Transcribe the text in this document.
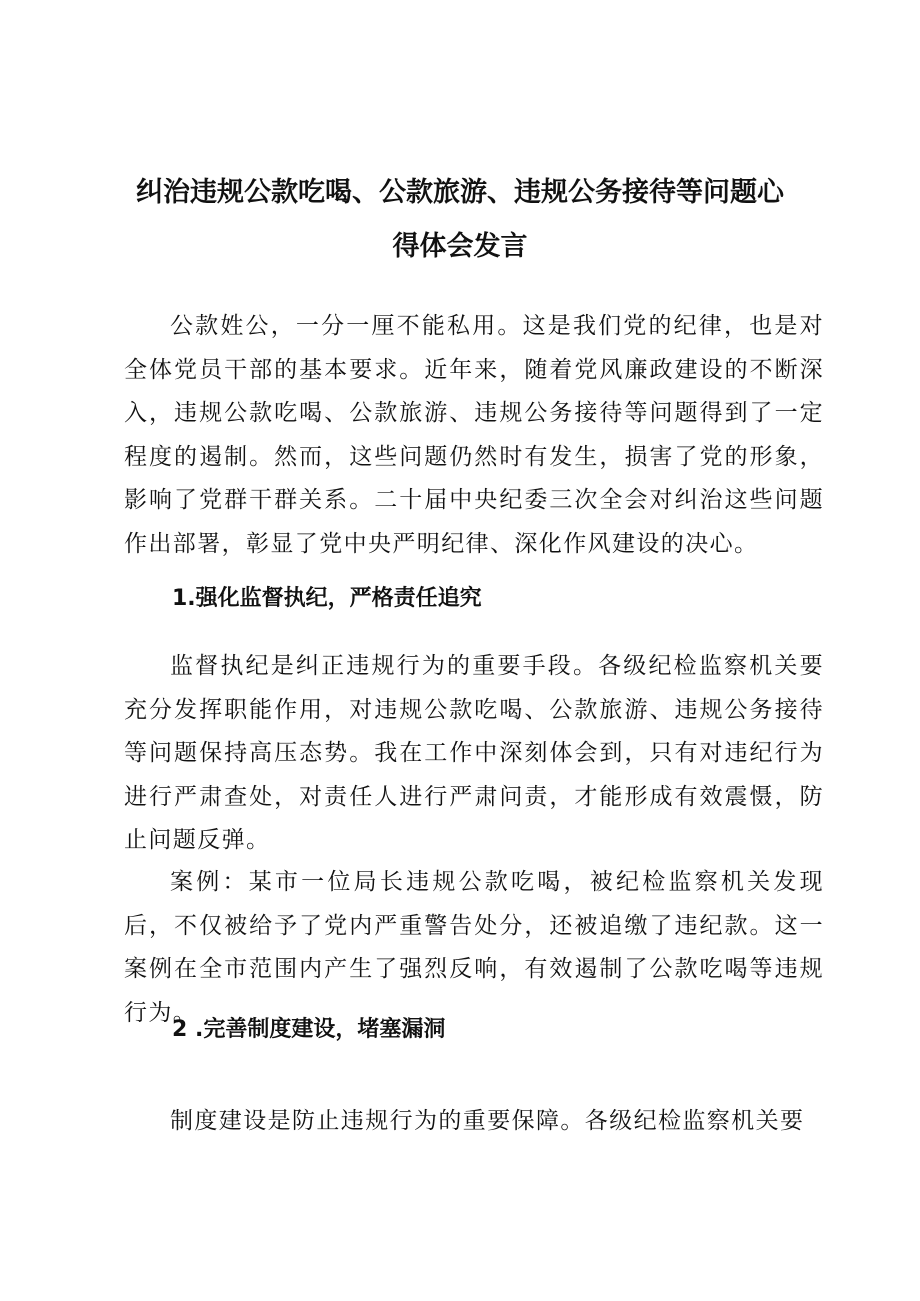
纠治违规公款吃喝、公款旅游、违规公务接待等问题心
得体会发言

公款姓公，一分一厘不能私用。这是我们党的纪律，也是对全体党员干部的基本要求。近年来，随着党风廉政建设的不断深入，违规公款吃喝、公款旅游、违规公务接待等问题得到了一定程度的遏制。然而，这些问题仍然时有发生，损害了党的形象，影响了党群干群关系。二十届中央纪委三次全会对纠治这些问题作出部署，彰显了党中央严明纪律、深化作风建设的决心。

1.强化监督执纪，严格责任追究

监督执纪是纠正违规行为的重要手段。各级纪检监察机关要充分发挥职能作用，对违规公款吃喝、公款旅游、违规公务接待等问题保持高压态势。我在工作中深刻体会到，只有对违纪行为进行严肃查处，对责任人进行严肃问责，才能形成有效震慑，防止问题反弹。

案例：某市一位局长违规公款吃喝，被纪检监察机关发现后，不仅被给予了党内严重警告处分，还被追缴了违纪款。这一案例在全市范围内产生了强烈反响，有效遏制了公款吃喝等违规行为。

2 .完善制度建设，堵塞漏洞

制度建设是防止违规行为的重要保障。各级纪检监察机关要
